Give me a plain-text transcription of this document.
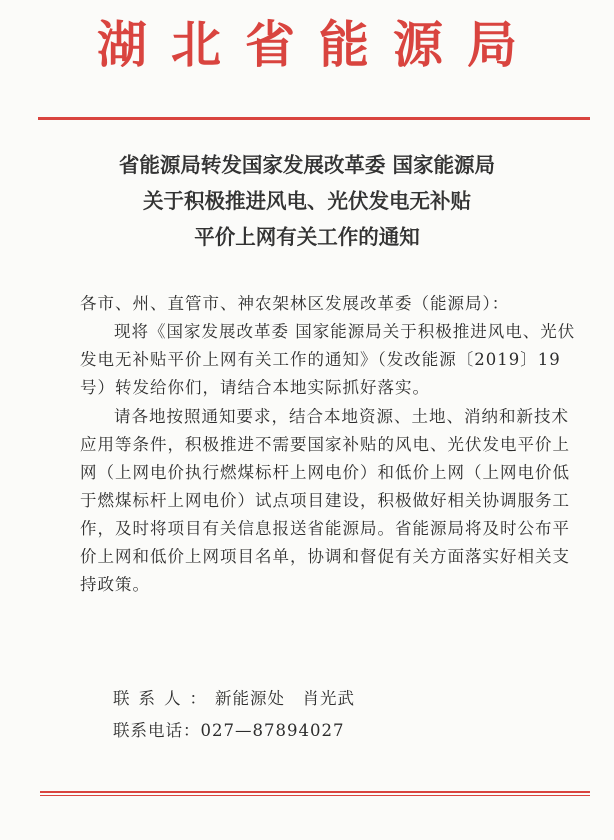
湖北省能源局
省能源局转发国家发展改革委 国家能源局
关于积极推进风电、光伏发电无补贴
平价上网有关工作的通知
各市、州、直管市、神农架林区发展改革委（能源局）：
现将《国家发展改革委 国家能源局关于积极推进风电、光伏发电无补贴平价上网有关工作的通知》（发改能源〔2019〕19号）转发给你们，请结合本地实际抓好落实。
请各地按照通知要求，结合本地资源、土地、消纳和新技术应用等条件，积极推进不需要国家补贴的风电、光伏发电平价上网（上网电价执行燃煤标杆上网电价）和低价上网（上网电价低于燃煤标杆上网电价）试点项目建设，积极做好相关协调服务工作，及时将项目有关信息报送省能源局。省能源局将及时公布平价上网和低价上网项目名单，协调和督促有关方面落实好相关支持政策。
联系人：新能源处　肖光武
联系电话：027—87894027
